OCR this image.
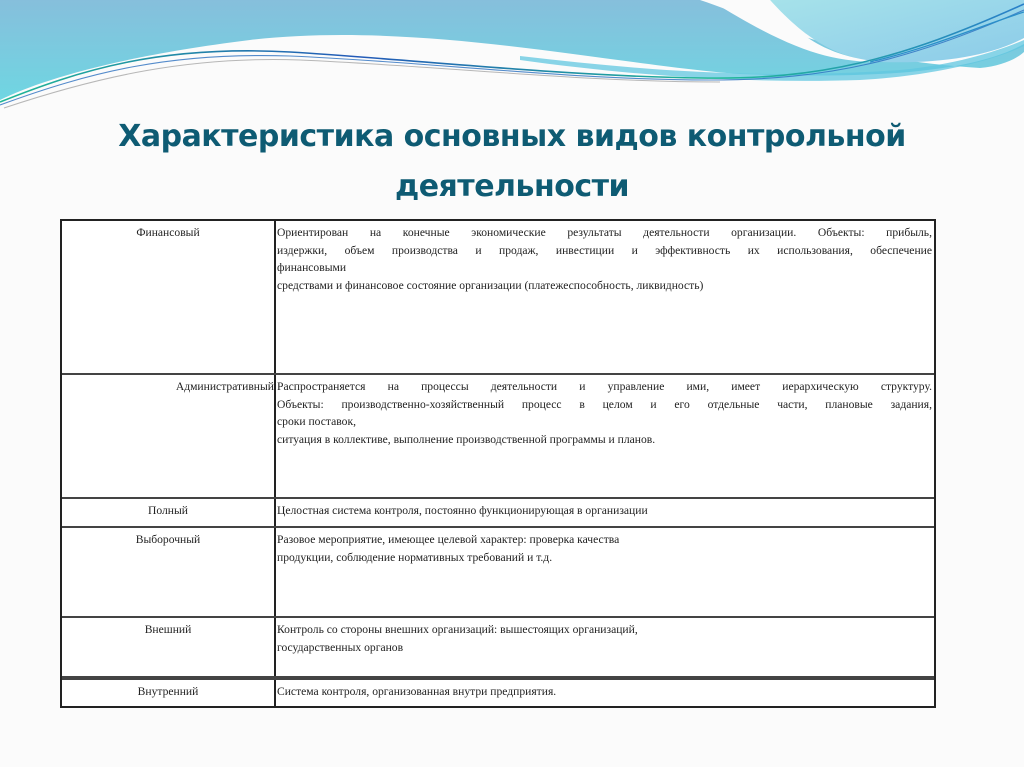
Характеристика основных видов контрольной
деятельности
Финансовый	Ориентирован на конечные экономические результаты деятельности организации. Объекты: прибыль,
издержки, объем производства и продаж, инвестиции и эффективность их использования, обеспечение
финансовыми
средствами и финансовое состояние организации (платежеспособность, ликвидность)
Административный Распространяется на процессы деятельности и управление ими, имеет иерархическую структуру.
Объекты: производственно-хозяйственный процесс в целом и его отдельные части, плановые задания,
сроки поставок,
ситуация в коллективе, выполнение производственной программы и планов.
Полный	Целостная система контроля, постоянно функционирующая в организации
Выборочный	Разовое мероприятие, имеющее целевой характер: проверка качества
продукции, соблюдение нормативных требований и т.д.
Внешний	Контроль со стороны внешних организаций: вышестоящих организаций,
государственных органов
Внутренний	Система контроля, организованная внутри предприятия.
